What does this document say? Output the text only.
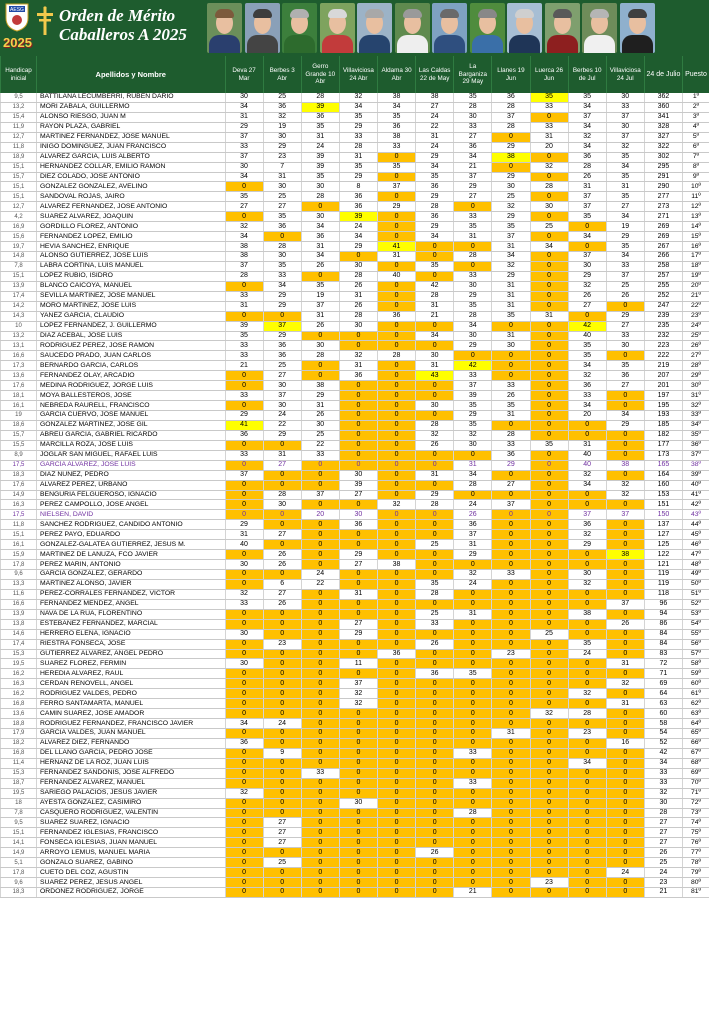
AESG
2025
Orden de Mérito
Caballeros A 2025
Handicap inicial	Apellidos y Nombre	Deva 27 Mar	Berbes 3 Abr	Gerro Grande 10 Abr	Villaviciosa 24 Abr	Aldama 30 Abr	Las Caldas 22 de May	La Barganiza 29 May	Llanes 19 Jun	Luerca 26 Jun	Berbes 10 de Jul	Villaviciosa 24 Jul	24 de Julio	Puesto
9,5	BATTILANA LECUMBERRI, RUBEN DARIO	30	25	28	32	38	38	35	36	35	35	30	362	1º
13,2	MORI ZABALA, GUILLERMO	34	36	39	34	34	27	28	28	33	34	33	360	2º
15,4	ALONSO RIESGO, JUAN M	31	32	36	35	35	24	30	37	0	37	37	341	3º
11,9	RAYON PLAZA, GABRIEL	29	19	35	29	36	22	33	28	33	34	30	328	4º
12,7	MARTINEZ FERNANDEZ, JOSE MANUEL	37	30	31	33	38	31	27	0	31	32	37	327	5º
11,8	IÑIGO DOMINGUEZ, JUAN FRANCISCO	33	29	24	28	33	24	36	29	20	34	32	322	6º
18,9	ALVAREZ GARCIA, LUIS ALBERTO	37	23	39	31	0	29	34	38	0	36	35	302	7º
15,1	HERNANDEZ COLLAR, EMILIO RAMON	30	7	39	35	35	34	21	0	32	28	34	295	8º
15,7	DIEZ COLADO, JOSE ANTONIO	34	31	35	29	0	35	37	29	0	26	35	291	9º
15,1	GONZALEZ GONZALEZ, AVELINO	0	30	30	8	37	36	29	30	28	31	31	290	10º
15,1	SANDOVAL ROJAS, JAIRO	35	25	28	36	0	29	27	25	0	37	35	277	11º
12,7	ALVAREZ FERNANDEZ, JOSE ANTONIO	27	27	0	36	29	28	0	32	30	37	27	273	12º
4,2	SUAREZ ALVAREZ, JOAQUIN	0	35	30	39	0	36	33	29	0	35	34	271	13º
16,9	GORDILLO FLOREZ, ANTONIO	32	36	34	24	0	29	35	35	25	0	19	269	14º
15,6	FERNANDEZ LOPEZ, EMILIO	34	0	36	34	0	34	31	37	0	34	29	269	15º
19,7	HEVIA SANCHEZ, ENRIQUE	38	28	31	29	41	0	0	31	34	0	35	267	16º
14,8	ALONSO GUTIERREZ, JOSE LUIS	38	30	34	0	31	0	28	34	0	37	34	266	17º
7,8	LABRA CORTINA, LUIS MANUEL	37	35	26	30	0	35	0	32	0	30	33	258	18º
15,1	LOPEZ RUBIO, ISIDRO	28	33	0	28	40	0	33	29	0	29	37	257	19º
13,9	BLANCO CAICOYA, MANUEL	0	34	35	26	0	42	30	31	0	32	25	255	20º
17,4	SEVILLA MARTINEZ, JOSE MANUEL	33	29	19	31	0	28	29	31	0	26	26	252	21º
14,2	MORO MARTINEZ, JOSE LUIS	31	29	37	26	0	31	35	31	0	27	0	247	22º
14,3	YAÑEZ GARCIA, CLAUDIO	0	0	31	28	36	21	28	35	31	0	29	239	23º
10	LOPEZ FERNANDEZ, J. GUILLERMO	39	37	26	30	0	0	34	0	0	42	27	235	24º
13,2	DIAZ ACEBAL, JOSE LUIS	35	29	0	0	0	34	30	31	0	40	33	232	25º
13,1	RODRIGUEZ PEREZ, JOSE RAMON	33	36	30	0	0	0	29	30	0	35	30	223	26º
16,6	SAUCEDO PRADO, JUAN CARLOS	33	36	28	32	28	30	0	0	0	35	0	222	27º
17,3	BERNARDO GARCIA, CARLOS	21	25	0	31	0	31	42	0	0	34	35	219	28º
13,6	FERNANDEZ OLAY, ARCADIO	0	27	0	36	0	43	33	0	0	32	36	207	29º
17,6	MEDINA RODRIGUEZ, JORGE LUIS	0	30	38	0	0	0	37	33	0	36	27	201	30º
18,1	MOYA BALLESTEROS, JOSE	33	37	29	0	0	0	39	26	0	33	0	197	31º
16,1	NEBREDA RAURELL, FRANCISCO	0	30	31	0	0	30	35	35	0	34	0	195	32º
19	GARCIA CUERVO, JOSE MANUEL	29	24	26	0	0	0	29	31	0	20	34	193	33º
18,6	GONZALEZ MARTINEZ, JOSE GIL	41	22	30	0	0	28	35	0	0	0	29	185	34º
15,7	ABREU GARCIA, GABRIEL RICARDO	36	29	25	0	0	32	32	28	0	0	0	182	35º
15,5	MARCILLA ROZA, JOSE LUIS	0	0	22	0	0	26	30	33	35	31	0	177	36º
8,9	JOGLAR SAN MIGUEL, RAFAEL LUIS	33	31	33	0	0	0	0	36	0	40	0	173	37º
17,5	GARCÍA ALVAREZ, JOSE LUIS	0	27	0	0	0	0	31	29	0	40	38	165	38º
18,3	DIAZ NUÑEZ, PEDRO	37	0	0	30	0	31	34	0	0	32	0	164	39º
17,6	ALVAREZ PEREZ, URBANO	0	0	0	39	0	0	28	27	0	34	32	160	40º
14,9	BENGURIA FELGUEROSO, IGNACIO	0	28	37	27	0	29	0	0	0	0	32	153	41º
16,3	PEREZ CAMPOLLO, JOSE ANGEL	0	30	0	0	32	28	24	37	0	0	0	151	42º
17,5	NIELSEN, DAVID	0	0	20	30	0	0	26	0	0	37	37	150	43º
11,8	SANCHEZ RODRIGUEZ, CANDIDO ANTONIO	29	0	0	36	0	0	36	0	0	36	0	137	44º
15,1	PEREZ PAYO, EDUARDO	31	27	0	0	0	0	37	0	0	32	0	127	45º
16,1	GONZALEZ-GALATEA GUTIERREZ, JESUS M.	40	0	0	0	0	25	31	0	0	29	0	125	46º
15,9	MARTINEZ DE LANUZA, FCO JAVIER	0	26	0	29	0	0	29	0	0	0	38	122	47º
17,8	PEREZ MARIN, ANTONIO	30	26	0	27	38	0	0	0	0	0	0	121	48º
9,6	GARCIA GONZALEZ, GERARDO	0	0	24	0	0	0	32	33	0	30	0	119	49º
13,3	MARTINEZ ALONSO, JAVIER	0	6	22	0	0	35	24	0	0	32	0	119	50º
11,6	PEREZ-CORRALES FERNANDEZ, VICTOR	32	27	0	31	0	28	0	0	0	0	0	118	51º
16,6	FERNANDEZ MENDEZ, ANGEL	33	26	0	0	0	0	0	0	0	0	37	96	52º
13,9	NAVA DE LA RUA, FLORENTINO	0	0	0	0	0	25	31	0	0	38	0	94	53º
13,8	ESTEBANEZ FERNANDEZ, MARCIAL	0	0	0	27	0	33	0	0	0	0	26	86	54º
14,6	HERRERO ELENA, IGNACIO	30	0	0	29	0	0	0	0	25	0	0	84	55º
17,4	RIESTRA FONSECA, JOSE	0	23	0	0	0	26	0	0	0	35	0	84	56º
15,3	GUTIERREZ ALVAREZ, ANGEL PEDRO	0	0	0	0	36	0	0	23	0	24	0	83	57º
19,5	SUAREZ FLOREZ, FERMIN	30	0	0	11	0	0	0	0	0	0	31	72	58º
16,2	HEREDIA ALVAREZ, RAUL	0	0	0	0	0	36	35	0	0	0	0	71	59º
16,3	CERDAN RENOVELL, ANGEL	0	0	0	37	0	0	0	0	0	0	32	69	60º
16,2	RODRIGUEZ VALDES, PEDRO	0	0	0	32	0	0	0	0	0	32	0	64	61º
16,8	FERRO SANTAMARTA, MANUEL	0	0	0	32	0	0	0	0	0	0	31	63	62º
13,6	CAMIN SUAREZ, JOSE AMADOR	0	0	0	0	0	0	0	0	32	28	0	60	63º
18,8	RODRIGUEZ FERNANDEZ, FRANCISCO JAVIER	34	24	0	0	0	0	0	0	0	0	0	58	64º
17,9	GARCIA VALDES, JUAN MANUEL	0	0	0	0	0	0	0	31	0	23	0	54	65º
18,2	ALVAREZ DIEZ, FERNANDO	36	0	0	0	0	0	0	0	0	0	16	52	66º
16,8	DEL LLANO GARCIA, PEDRO JOSE	0	9	0	0	0	0	33	0	0	0	0	42	67º
11,4	HERNANZ DE LA ROZ, JUAN LUIS	0	0	0	0	0	0	0	0	0	34	0	34	68º
15,3	FERNANDEZ SANDONIS, JOSE ALFREDO	0	0	33	0	0	0	0	0	0	0	0	33	69º
18,7	FERNANDEZ ALVAREZ, MANUEL	0	0	0	0	0	0	33	0	0	0	0	33	70º
19,5	SARIEGO PALACIOS, JESUS JAVIER	32	0	0	0	0	0	0	0	0	0	0	32	71º
18	AYESTA GONZALEZ, CASIMIRO	0	0	0	30	0	0	0	0	0	0	0	30	72º
7,8	CASQUERO RODRIGUEZ, VALENTIN	0	0	0	0	0	0	28	0	0	0	0	28	73º
9,5	SUAREZ SUAREZ, IGNACIO	0	27	0	0	0	0	0	0	0	0	0	27	74º
15,1	FERNANDEZ IGLESIAS, FRANCISCO	0	27	0	0	0	0	0	0	0	0	0	27	75º
14,1	FONSECA IGLESIAS, JUAN MANUEL	0	27	0	0	0	0	0	0	0	0	0	27	76º
14,9	ARROYO LEMUS, MANUEL MARIA	0	0	0	0	0	26	0	0	0	0	0	26	77º
5,1	GONZALO SUAREZ, GABINO	0	25	0	0	0	0	0	0	0	0	0	25	78º
17,8	CUETO DEL COZ, AGUSTIN	0	0	0	0	0	0	0	0	0	0	24	24	79º
9,6	SUAREZ PEREZ, JESUS ANGEL	0	0	0	0	0	0	0	0	23	0	0	23	80º
18,3	ORDOÑEZ RODRIGUEZ, JORGE	0	0	0	0	0	0	21	0	0	0	0	21	81º
